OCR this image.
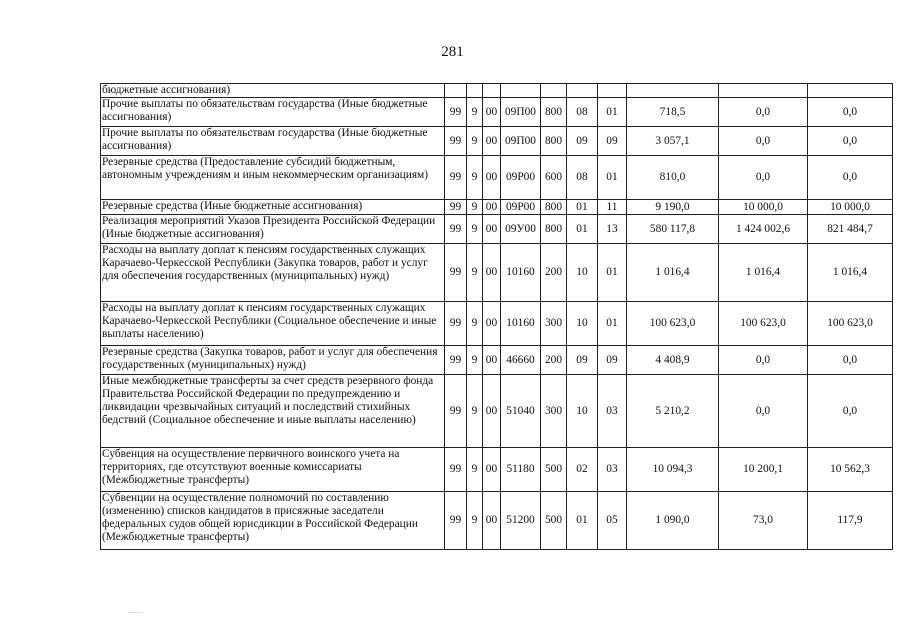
281
бюджетные ассигнования)										
Прочие выплаты по обязательствам государства (Иные бюджетные ассигнования)	99	9	00	09П00	800	08	01	718,5	0,0	0,0
Прочие выплаты по обязательствам государства (Иные бюджетные ассигнования)	99	9	00	09П00	800	09	09	3 057,1	0,0	0,0
Резервные средства (Предоставление субсидий бюджетным, автономным учреждениям и иным некоммерческим организациям)	99	9	00	09Р00	600	08	01	810,0	0,0	0,0
Резервные средства (Иные бюджетные ассигнования)	99	9	00	09Р00	800	01	11	9 190,0	10 000,0	10 000,0
Реализация мероприятий Указов Президента Российской Федерации (Иные бюджетные ассигнования)	99	9	00	09У00	800	01	13	580 117,8	1 424 002,6	821 484,7
Расходы на выплату доплат к пенсиям государственных служащих Карачаево-Черкесской Республики (Закупка товаров, работ и услуг для обеспечения государственных (муниципальных) нужд)	99	9	00	10160	200	10	01	1 016,4	1 016,4	1 016,4
Расходы на выплату доплат к пенсиям государственных служащих Карачаево-Черкесской Республики (Социальное обеспечение и иные выплаты населению)	99	9	00	10160	300	10	01	100 623,0	100 623,0	100 623,0
Резервные средства (Закупка товаров, работ и услуг для обеспечения государственных (муниципальных) нужд)	99	9	00	46660	200	09	09	4 408,9	0,0	0,0
Иные межбюджетные трансферты за счет средств резервного фонда Правительства Российской Федерации по предупреждению и ликвидации чрезвычайных ситуаций и последствий стихийных бедствий (Социальное обеспечение и иные выплаты населению)	99	9	00	51040	300	10	03	5 210,2	0,0	0,0
Субвенция на осуществление первичного воинского учета на территориях, где отсутствуют военные комиссариаты (Межбюджетные трансферты)	99	9	00	51180	500	02	03	10 094,3	10 200,1	10 562,3
Субвенции на осуществление полномочий по составлению (изменению) списков кандидатов в присяжные заседатели федеральных судов общей юрисдикции в Российской Федерации (Межбюджетные трансферты)	99	9	00	51200	500	01	05	1 090,0	73,0	117,9
